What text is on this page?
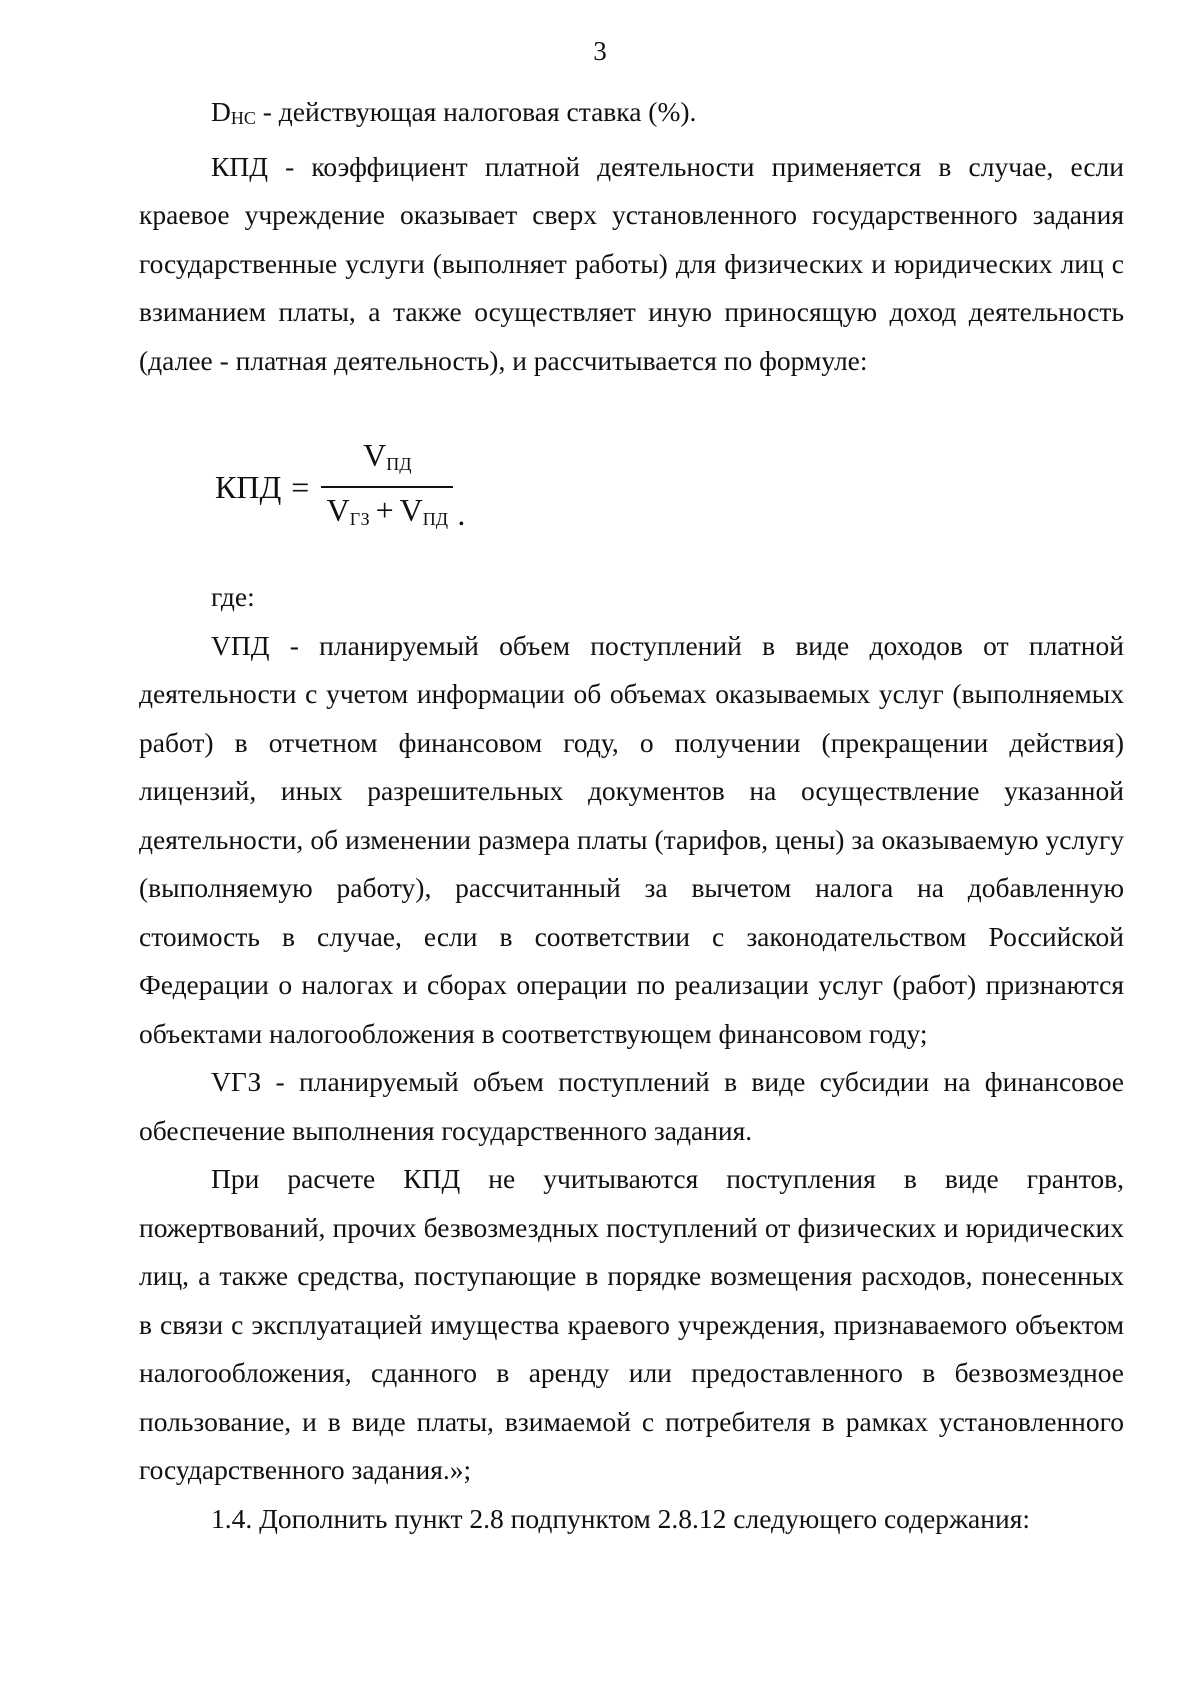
3

DНС - действующая налоговая ставка (%).

КПД - коэффициент платной деятельности применяется в случае, если краевое учреждение оказывает сверх установленного государственного задания государственные услуги (выполняет работы) для физических и юридических лиц с взиманием платы, а также осуществляет иную приносящую доход деятельность (далее - платная деятельность), и рассчитывается по формуле:

КПД = $\frac{V_{ПД}}{V_{ГЗ} + V_{ПД}}$ .

где:

VПД - планируемый объем поступлений в виде доходов от платной деятельности с учетом информации об объемах оказываемых услуг (выполняемых работ) в отчетном финансовом году, о получении (прекращении действия) лицензий, иных разрешительных документов на осуществление указанной деятельности, об изменении размера платы (тарифов, цены) за оказываемую услугу (выполняемую работу), рассчитанный за вычетом налога на добавленную стоимость в случае, если в соответствии с законодательством Российской Федерации о налогах и сборах операции по реализации услуг (работ) признаются объектами налогообложения в соответствующем финансовом году;

VГЗ - планируемый объем поступлений в виде субсидии на финансовое обеспечение выполнения государственного задания.

При расчете КПД не учитываются поступления в виде грантов, пожертвований, прочих безвозмездных поступлений от физических и юридических лиц, а также средства, поступающие в порядке возмещения расходов, понесенных в связи с эксплуатацией имущества краевого учреждения, признаваемого объектом налогообложения, сданного в аренду или предоставленного в безвозмездное пользование, и в виде платы, взимаемой с потребителя в рамках установленного государственного задания.»;

1.4. Дополнить пункт 2.8 подпунктом 2.8.12 следующего содержания:
